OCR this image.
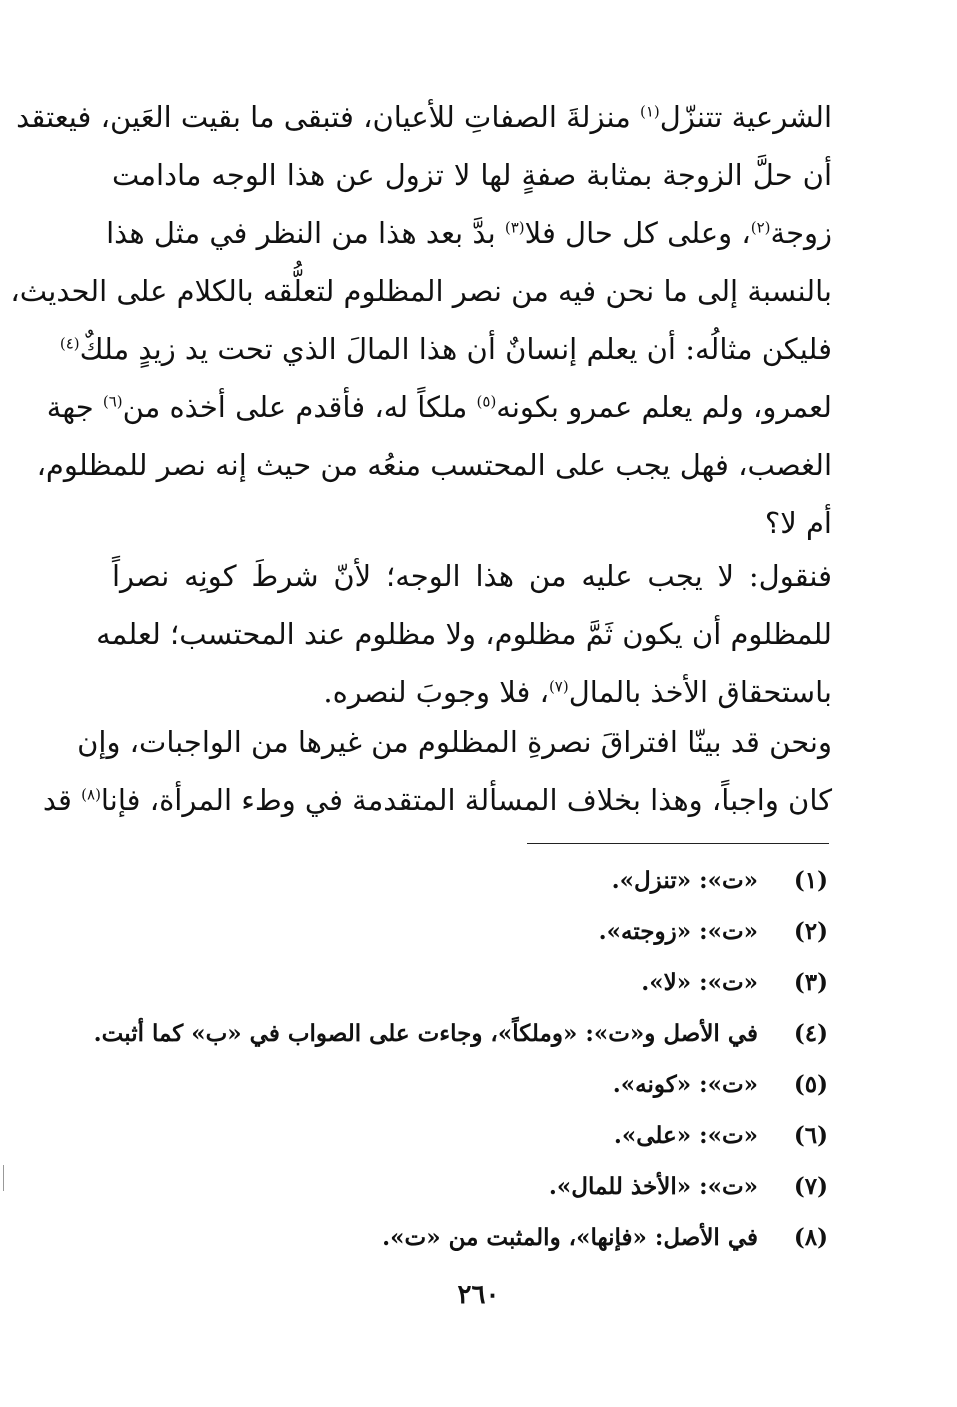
الشرعية تتنزّل$^{(١)}$ منزلةَ الصفاتِ للأعيان، فتبقى ما بقيت العَين، فيعتقد
أن حلَّ الزوجة بمثابة صفةٍ لها لا تزول عن هذا الوجه مادامت
زوجة$^{(٢)}$، وعلى كل حال فلا$^{(٣)}$ بدَّ بعد هذا من النظر في مثل هذا
بالنسبة إلى ما نحن فيه من نصر المظلوم لتعلُّقه بالكلام على الحديث،
فليكن مثالُه: أن يعلم إنسانٌ أن هذا المالَ الذي تحت يد زيدٍ ملكٌ$^{(٤)}$
لعمرو، ولم يعلم عمرو بكونه$^{(٥)}$ ملكاً له، فأقدم على أخذه من$^{(٦)}$ جهة
الغصب، فهل يجب على المحتسب منعُه من حيث إنه نصر للمظلوم،
أم لا؟
فنقول: لا يجب عليه من هذا الوجه؛ لأنّ شرطَ كونِه نصراً
للمظلوم أن يكون ثَمَّ مظلوم، ولا مظلوم عند المحتسب؛ لعلمه
باستحقاق الأخذ بالمال$^{(٧)}$، فلا وجوبَ لنصره.
ونحن قد بينّا افتراقَ نصرةِ المظلوم من غيرها من الواجبات، وإن
كان واجباً، وهذا بخلاف المسألة المتقدمة في وطء المرأة، فإنا$^{(٨)}$ قد
(١)
«ت»: «تنزل».
(٢)
«ت»: «زوجته».
(٣)
«ت»: «لا».
(٤)
في الأصل و«ت»: «وملكاً»، وجاءت على الصواب في «ب» كما أثبت.
(٥)
«ت»: «كونه».
(٦)
«ت»: «على».
(٧)
«ت»: «الأخذ للمال».
(٨)
في الأصل: «فإنها»، والمثبت من «ت».
٢٦٠
